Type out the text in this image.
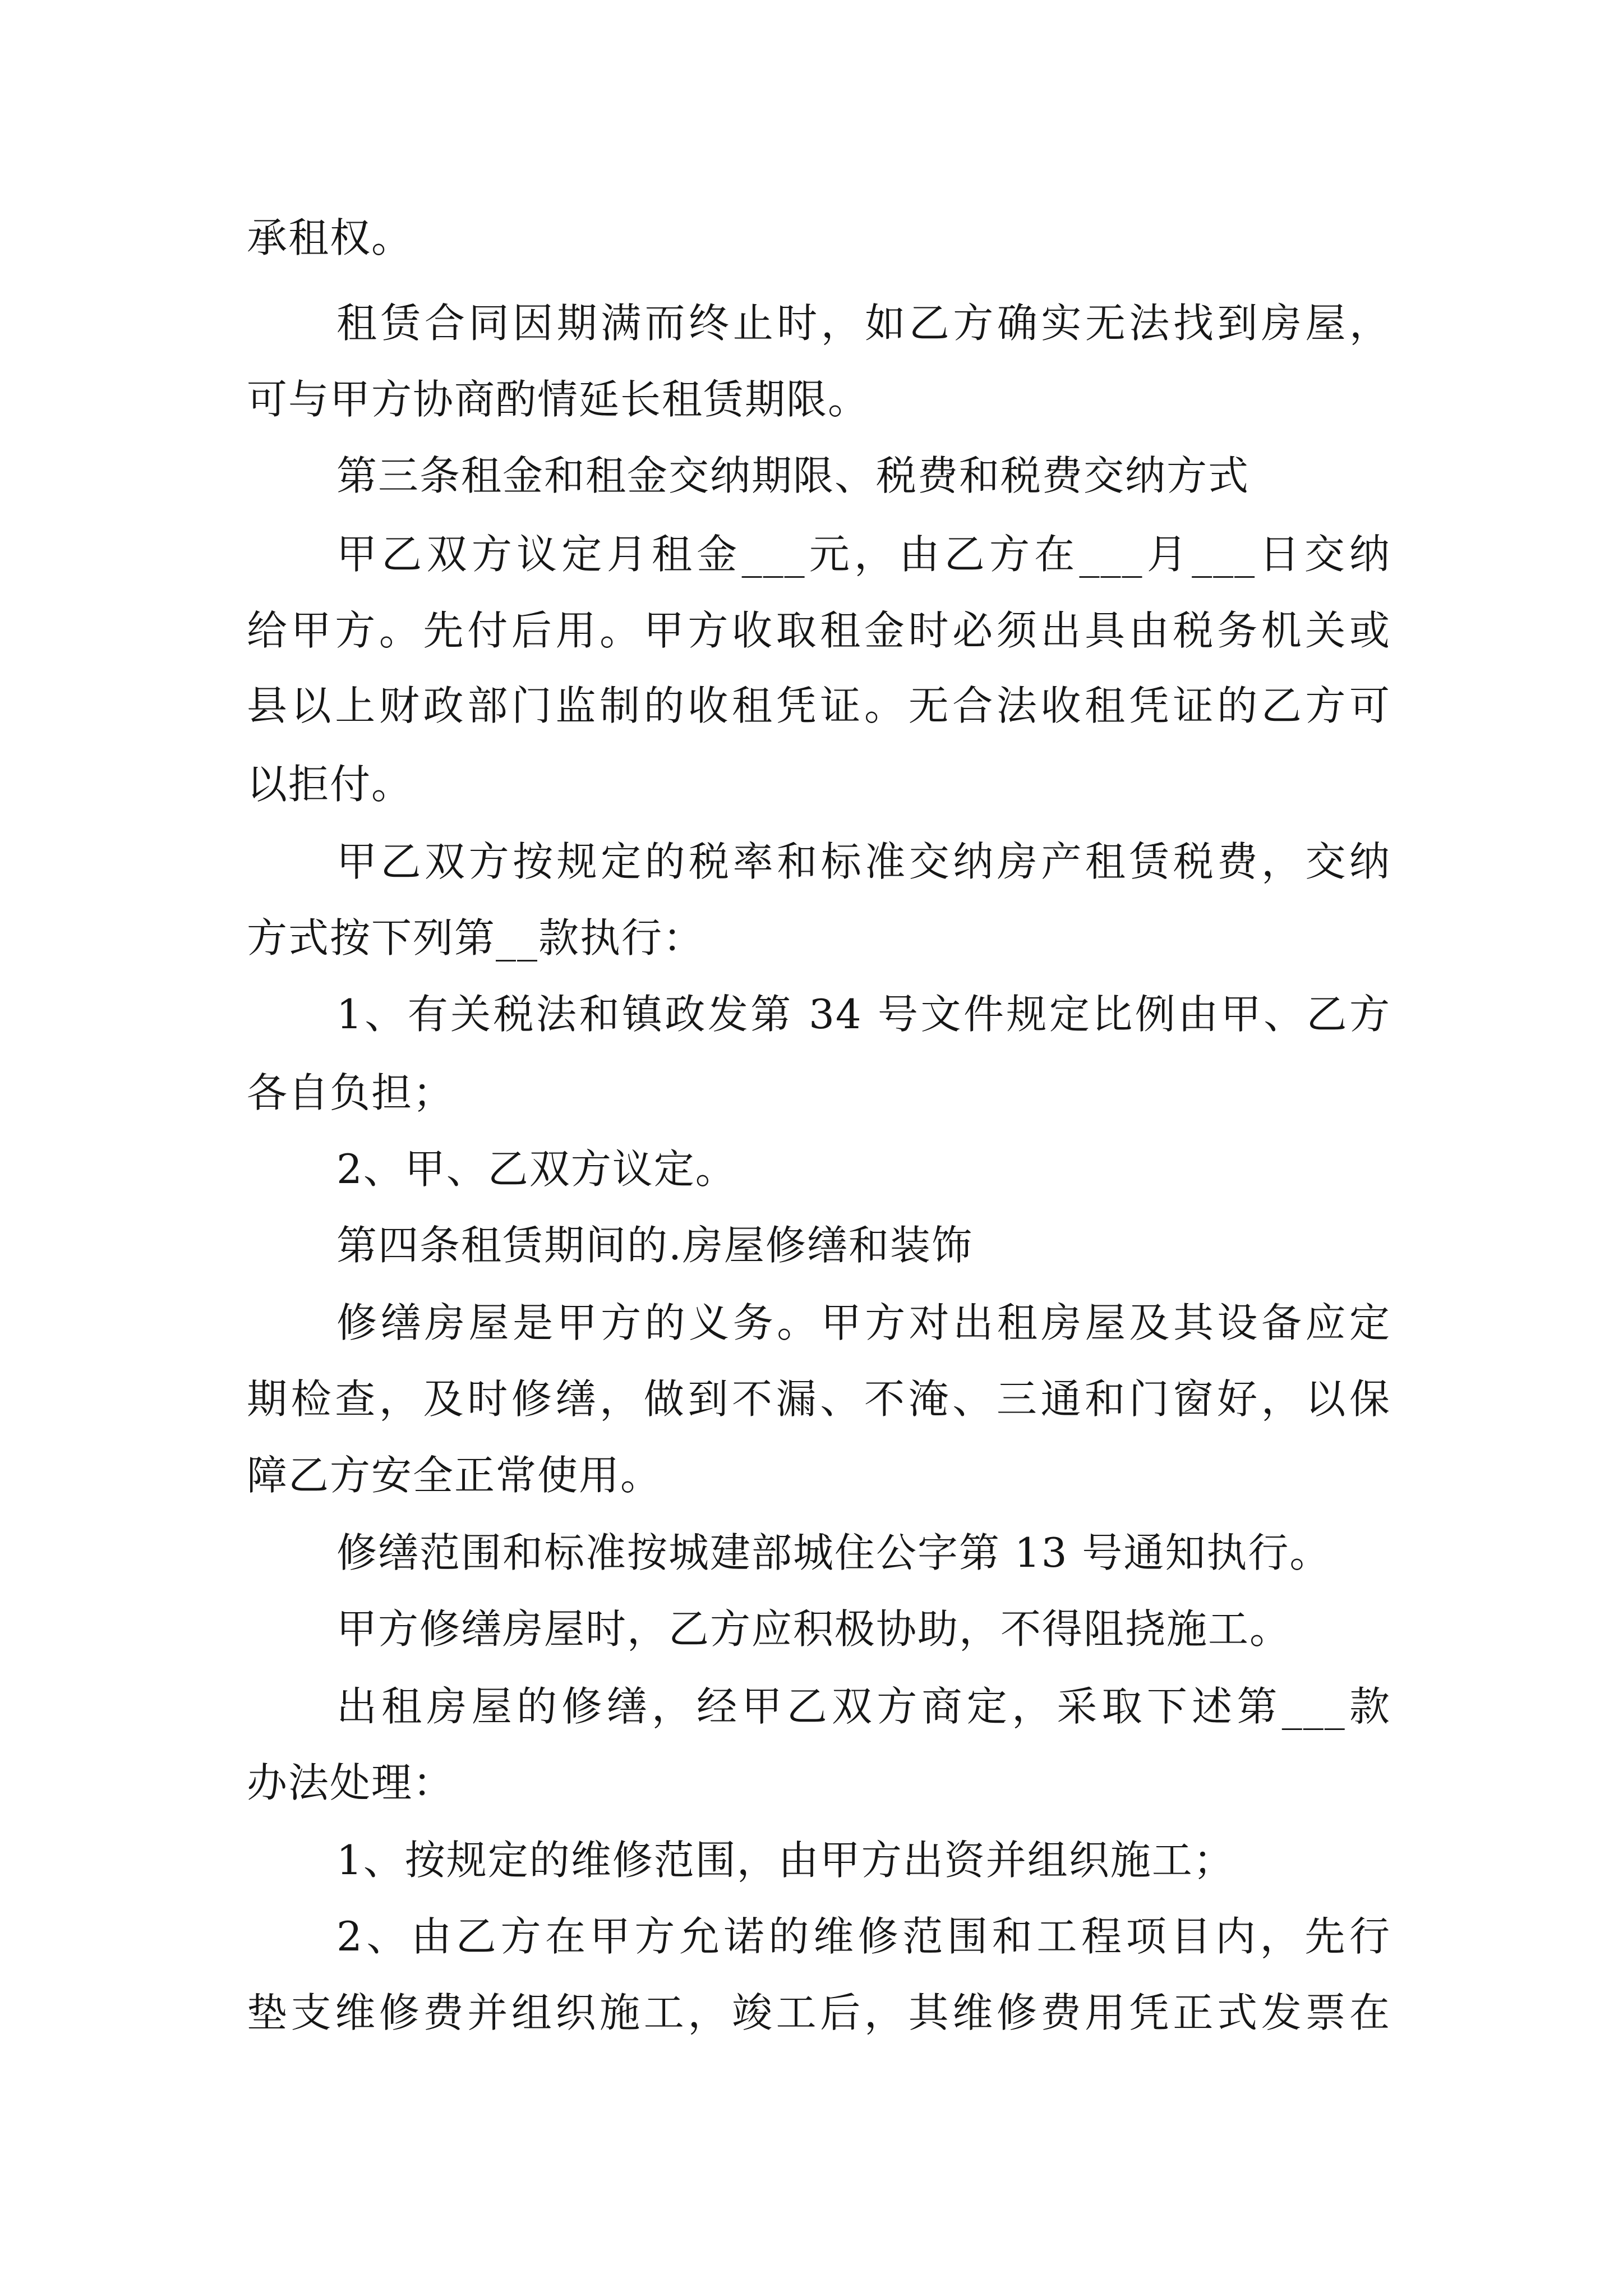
承租权。

租赁合同因期满而终止时，如乙方确实无法找到房屋，

可与甲方协商酌情延长租赁期限。

第三条租金和租金交纳期限、税费和税费交纳方式

甲乙双方议定月租金___元，由乙方在___月___日交纳

给甲方。先付后用。甲方收取租金时必须出具由税务机关或

县以上财政部门监制的收租凭证。无合法收租凭证的乙方可

以拒付。

甲乙双方按规定的税率和标准交纳房产租赁税费，交纳

方式按下列第__款执行：

1、有关税法和镇政发第 34 号文件规定比例由甲、乙方

各自负担；

2、甲、乙双方议定。

第四条租赁期间的.房屋修缮和装饰

修缮房屋是甲方的义务。甲方对出租房屋及其设备应定

期检查，及时修缮，做到不漏、不淹、三通和门窗好，以保

障乙方安全正常使用。

修缮范围和标准按城建部城住公字第 13 号通知执行。

甲方修缮房屋时，乙方应积极协助，不得阻挠施工。

出租房屋的修缮，经甲乙双方商定，采取下述第___款

办法处理：

1、按规定的维修范围，由甲方出资并组织施工；

2、由乙方在甲方允诺的维修范围和工程项目内，先行

垫支维修费并组织施工，竣工后，其维修费用凭正式发票在
